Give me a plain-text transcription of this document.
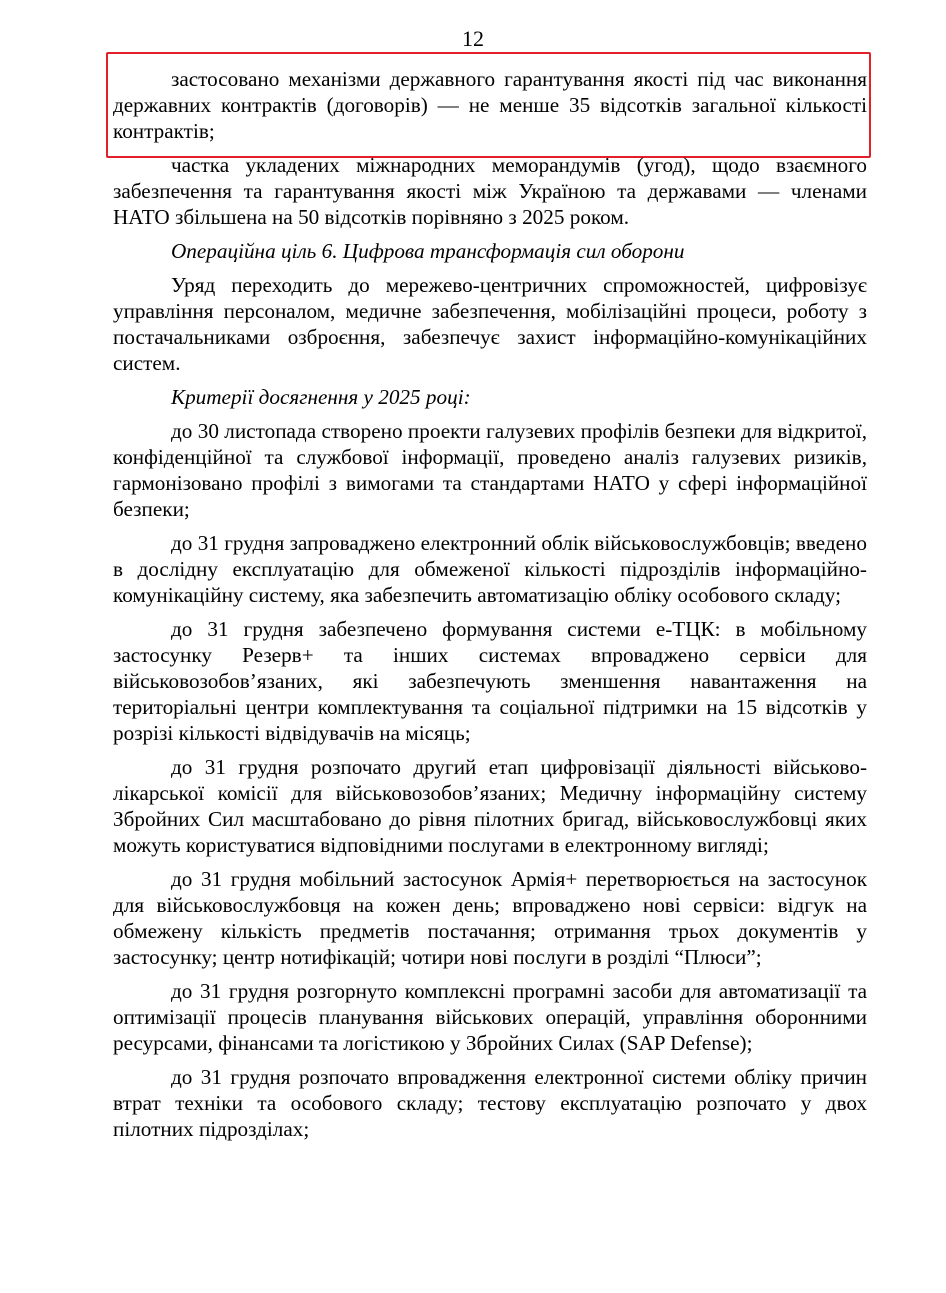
12

застосовано механізми державного гарантування якості під час виконання державних контрактів (договорів) — не менше 35 відсотків загальної кількості контрактів;

частка укладених міжнародних меморандумів (угод), щодо взаємного забезпечення та гарантування якості між Україною та державами — членами НАТО збільшена на 50 відсотків порівняно з 2025 роком.

Операційна ціль 6. Цифрова трансформація сил оборони

Уряд переходить до мережево-центричних спроможностей, цифровізує управління персоналом, медичне забезпечення, мобілізаційні процеси, роботу з постачальниками озброєння, забезпечує захист інформаційно-комунікаційних систем.

Критерії досягнення у 2025 році:

до 30 листопада створено проекти галузевих профілів безпеки для відкритої, конфіденційної та службової інформації, проведено аналіз галузевих ризиків, гармонізовано профілі з вимогами та стандартами НАТО у сфері інформаційної безпеки;

до 31 грудня запроваджено електронний облік військовослужбовців; введено в дослідну експлуатацію для обмеженої кількості підрозділів інформаційно-комунікаційну систему, яка забезпечить автоматизацію обліку особового складу;

до 31 грудня забезпечено формування системи е-ТЦК: в мобільному застосунку Резерв+ та інших системах впроваджено сервіси для військовозобов’язаних, які забезпечують зменшення навантаження на територіальні центри комплектування та соціальної підтримки на 15 відсотків у розрізі кількості відвідувачів на місяць;

до 31 грудня розпочато другий етап цифровізації діяльності військово-лікарської комісії для військовозобов’язаних; Медичну інформаційну систему Збройних Сил масштабовано до рівня пілотних бригад, військовослужбовці яких можуть користуватися відповідними послугами в електронному вигляді;

до 31 грудня мобільний застосунок Армія+ перетворюється на застосунок для військовослужбовця на кожен день; впроваджено нові сервіси: відгук на обмежену кількість предметів постачання; отримання трьох документів у застосунку; центр нотифікацій; чотири нові послуги в розділі “Плюси”;

до 31 грудня розгорнуто комплексні програмні засоби для автоматизації та оптимізації процесів планування військових операцій, управління оборонними ресурсами, фінансами та логістикою у Збройних Силах (SAP Defense);

до 31 грудня розпочато впровадження електронної системи обліку причин втрат техніки та особового складу; тестову експлуатацію розпочато у двох пілотних підрозділах;
